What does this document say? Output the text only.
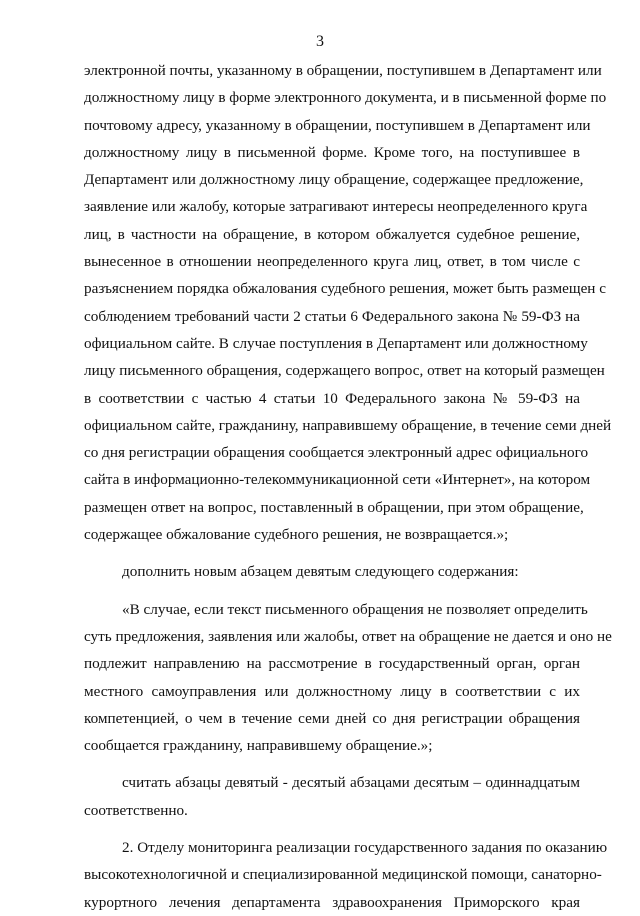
3
электронной почты, указанному в обращении, поступившем в Департамент или
должностному лицу в форме электронного документа, и в письменной форме по
почтовому адресу, указанному в обращении, поступившем в Департамент или
должностному лицу в письменной форме. Кроме того, на поступившее в
Департамент или должностному лицу обращение, содержащее предложение,
заявление или жалобу, которые затрагивают интересы неопределенного круга
лиц, в частности на обращение, в котором обжалуется судебное решение,
вынесенное в отношении неопределенного круга лиц, ответ, в том числе с
разъяснением порядка обжалования судебного решения, может быть размещен с
соблюдением требований части 2 статьи 6 Федерального закона № 59-ФЗ на
официальном сайте. В случае поступления в Департамент или должностному
лицу письменного обращения, содержащего вопрос, ответ на который размещен
в соответствии с частью 4 статьи 10 Федерального закона № 59-ФЗ на
официальном сайте, гражданину, направившему обращение, в течение семи дней
со дня регистрации обращения сообщается электронный адрес официального
сайта в информационно-телекоммуникационной сети «Интернет», на котором
размещен ответ на вопрос, поставленный в обращении, при этом обращение,
содержащее обжалование судебного решения, не возвращается.»;
дополнить новым абзацем девятым следующего содержания:
«В случае, если текст письменного обращения не позволяет определить
суть предложения, заявления или жалобы, ответ на обращение не дается и оно не
подлежит направлению на рассмотрение в государственный орган, орган
местного самоуправления или должностному лицу в соответствии с их
компетенцией, о чем в течение семи дней со дня регистрации обращения
сообщается гражданину, направившему обращение.»;
считать абзацы девятый - десятый абзацами десятым – одиннадцатым
соответственно.
2. Отделу мониторинга реализации государственного задания по оказанию
высокотехнологичной и специализированной медицинской помощи, санаторно-
курортного лечения департамента здравоохранения Приморского края
